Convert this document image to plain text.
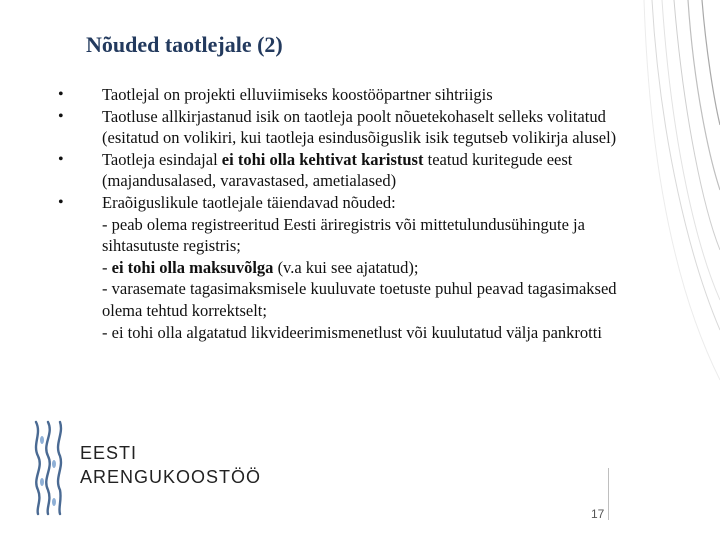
Nõuded taotlejale (2)

• Taotlejal on projekti elluviimiseks koostööpartner sihtriigis

• Taotluse allkirjastanud isik on taotleja poolt nõuetekohaselt selleks volitatud (esitatud on volikiri, kui taotleja esindusõiguslik isik tegutseb volikirja alusel)

• Taotleja esindajal ei tohi olla kehtivat karistust teatud kuritegude eest (majandusalased, varavastased, ametialased)

• Eraõiguslikule taotlejale täiendavad nõuded:
- peab olema registreeritud Eesti äriregistris või mittetulundusühingute ja sihtasutuste registris;
- ei tohi olla maksuvõlga (v.a kui see ajatatud);
- varasemate tagasimaksmisele kuuluvate toetuste puhul peavad tagasimaksed olema tehtud korrektselt;
- ei tohi olla algatatud likvideerimismenetlust või kuulutatud välja pankrotti

EESTI
ARENGUKOOSTÖÖ
17
